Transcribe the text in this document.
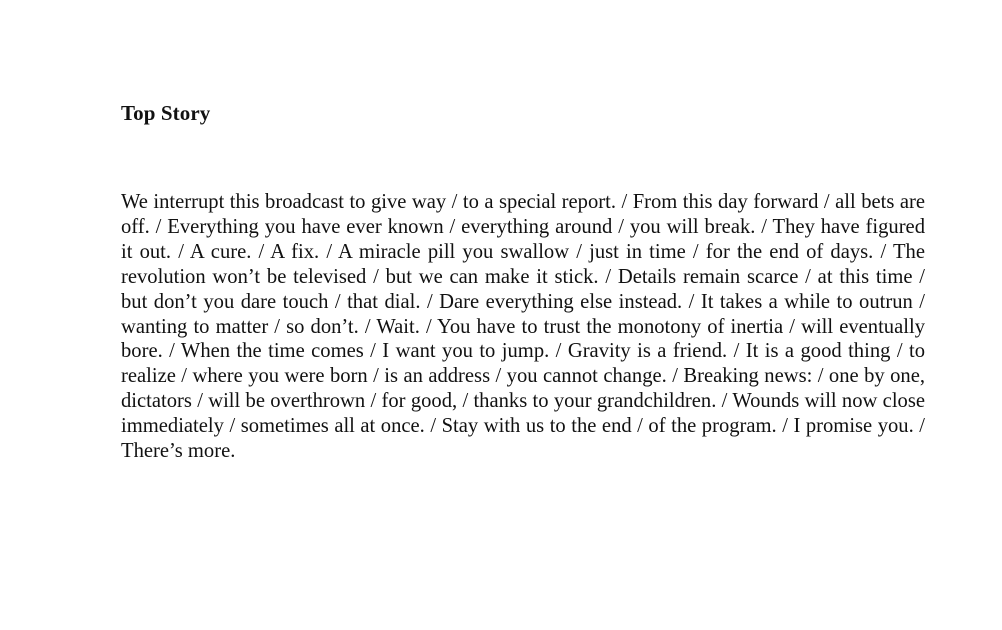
Top Story

We interrupt this broadcast to give way / to a special report. / From this day forward / all bets are off. / Everything you have ever known / everything around / you will break. / They have figured it out. / A cure. / A fix. / A miracle pill you swallow / just in time / for the end of days. / The revolution won’t be televised / but we can make it stick. / Details remain scarce / at this time / but don’t you dare touch / that dial. / Dare everything else instead. / It takes a while to outrun / wanting to matter / so don’t. / Wait. / You have to trust the monotony of inertia / will eventually bore. / When the time comes / I want you to jump. / Gravity is a friend. / It is a good thing / to realize / where you were born / is an address / you cannot change. / Breaking news: / one by one, dictators / will be overthrown / for good, / thanks to your grandchildren. / Wounds will now close immediately / sometimes all at once. / Stay with us to the end / of the program. / I promise you. / There’s more.
